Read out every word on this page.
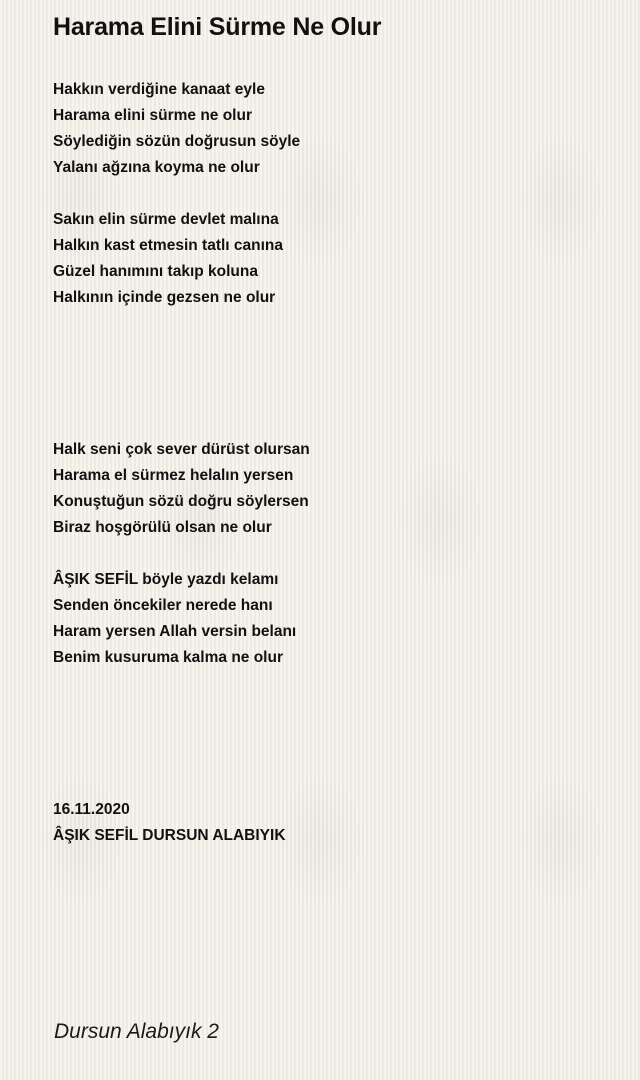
Harama Elini Sürme Ne Olur
Hakkın verdiğine kanaat eyle
Harama elini sürme ne olur
Söylediğin sözün doğrusun söyle
Yalanı ağzına koyma ne olur
Sakın elin sürme devlet malına
Halkın kast etmesin tatlı canına
Güzel hanımını takıp koluna
Halkının içinde gezsen ne olur
Halk seni çok sever dürüst olursan
Harama el sürmez helalın yersen
Konuştuğun sözü doğru söylersen
Biraz hoşgörülü olsan ne olur
ÂŞIK SEFİL böyle yazdı kelamı
Senden öncekiler nerede hanı
Haram yersen Allah versin belanı
Benim kusuruma kalma ne olur
16.11.2020
ÂŞIK SEFİL DURSUN ALABIYIK

Dursun Alabıyık 2
